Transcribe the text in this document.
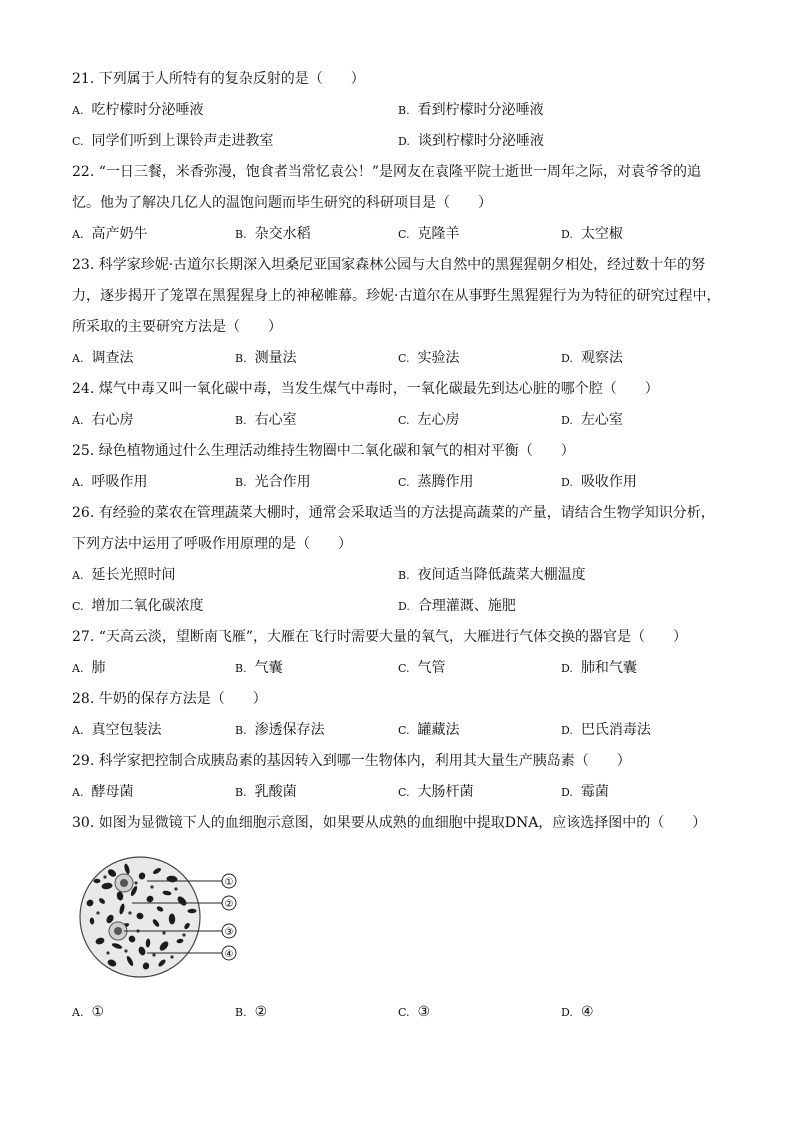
21. 下列属于人所特有的复杂反射的是（　　）

A. 吃柠檬时分泌唾液	B. 看到柠檬时分泌唾液
C. 同学们听到上课铃声走进教室	D. 谈到柠檬时分泌唾液

22. “一日三餐，米香弥漫，饱食者当常忆袁公！”是网友在袁隆平院士逝世一周年之际，对袁爷爷的追忆。他为了解决几亿人的温饱问题而毕生研究的科研项目是（　　）

A. 高产奶牛	B. 杂交水稻	C. 克隆羊	D. 太空椒

23. 科学家珍妮·古道尔长期深入坦桑尼亚国家森林公园与大自然中的黑猩猩朝夕相处，经过数十年的努力，逐步揭开了笼罩在黑猩猩身上的神秘帷幕。珍妮·古道尔在从事野生黑猩猩行为为特征的研究过程中，所采取的主要研究方法是（　　）

A. 调查法	B. 测量法	C. 实验法	D. 观察法

24. 煤气中毒又叫一氧化碳中毒，当发生煤气中毒时，一氧化碳最先到达心脏的哪个腔（　　）

A. 右心房	B. 右心室	C. 左心房	D. 左心室

25. 绿色植物通过什么生理活动维持生物圈中二氧化碳和氧气的相对平衡（　　）

A. 呼吸作用	B. 光合作用	C. 蒸腾作用	D. 吸收作用

26. 有经验的菜农在管理蔬菜大棚时，通常会采取适当的方法提高蔬菜的产量，请结合生物学知识分析，下列方法中运用了呼吸作用原理的是（　　）

A. 延长光照时间	B. 夜间适当降低蔬菜大棚温度
C. 增加二氧化碳浓度	D. 合理灌溉、施肥

27. “天高云淡，望断南飞雁”，大雁在飞行时需要大量的氧气，大雁进行气体交换的器官是（　　）

A. 肺	B. 气囊	C. 气管	D. 肺和气囊

28. 牛奶的保存方法是（　　）

A. 真空包装法	B. 渗透保存法	C. 罐藏法	D. 巴氏消毒法

29. 科学家把控制合成胰岛素的基因转入到哪一生物体内，利用其大量生产胰岛素（　　）

A. 酵母菌	B. 乳酸菌	C. 大肠杆菌	D. 霉菌

30. 如图为显微镜下人的血细胞示意图，如果要从成熟的血细胞中提取DNA，应该选择图中的（　　）

①
②
③
④
A. ①	B. ②	C. ③	D. ④
